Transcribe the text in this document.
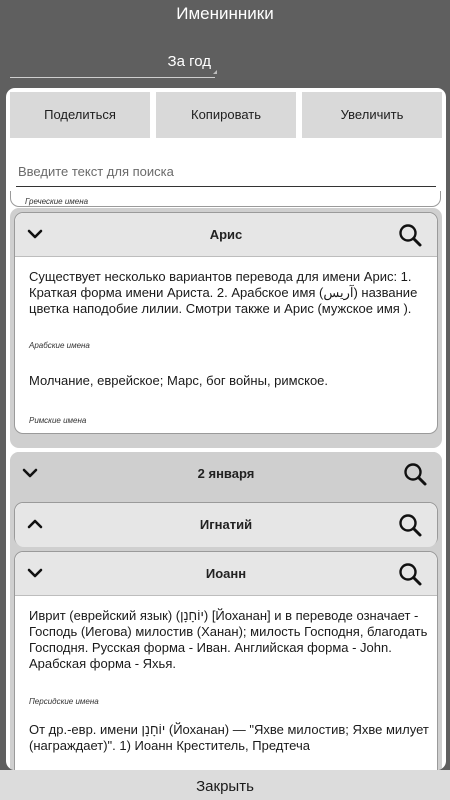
Именинники
За год
Поделиться	Копировать	Увеличить
Введите текст для поиска
Греческие имена
Арис
Существует несколько вариантов перевода для имени Арис: 1. Краткая форма имени Ариста. 2. Арабское имя (آريس) название цветка наподобие лилии. Смотри также и Арис (мужское имя ).
Арабские имена
Молчание, еврейское; Марс, бог войны, римское.
Римские имена
2 января
Игнатий
Иоанн
Иврит (еврейский язык) (יוֹחָנָן) [Йоханан] и в переводе означает - Господь (Иегова) милостив (Ханан); милость Господня, благодать Господня. Русская форма - Иван. Английская форма - John. Арабская форма - Яхья.
Персидские имена
От др.-евр. имени יוֹחָנָן (Йоханан) — "Яхве милостив; Яхве милует (награждает)". 1) Иоанн Креститель, Предтеча
Закрыть
